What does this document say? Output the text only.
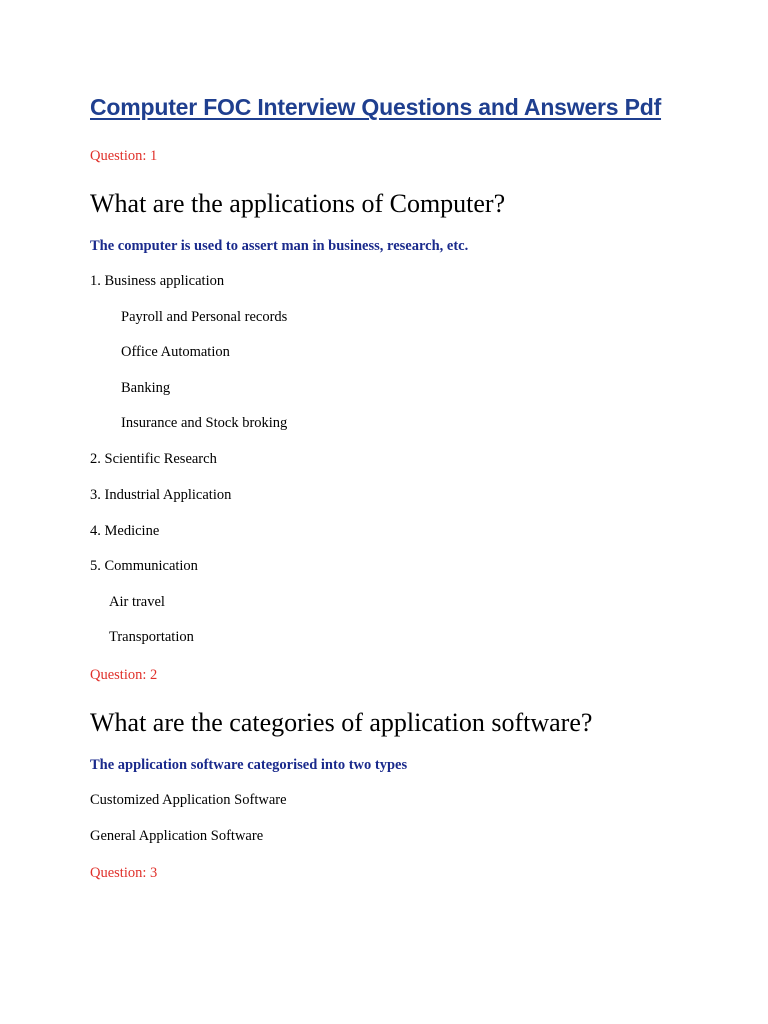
Computer FOC Interview Questions and Answers Pdf
Question: 1
What are the applications of Computer?
The computer is used to assert man in business, research, etc.
1. Business application
Payroll and Personal records
Office Automation
Banking
Insurance and Stock broking
2. Scientific Research
3. Industrial Application
4. Medicine
5. Communication
Air travel
Transportation
Question: 2
What are the categories of application software?
The application software categorised into two types
Customized Application Software
General Application Software
Question: 3
